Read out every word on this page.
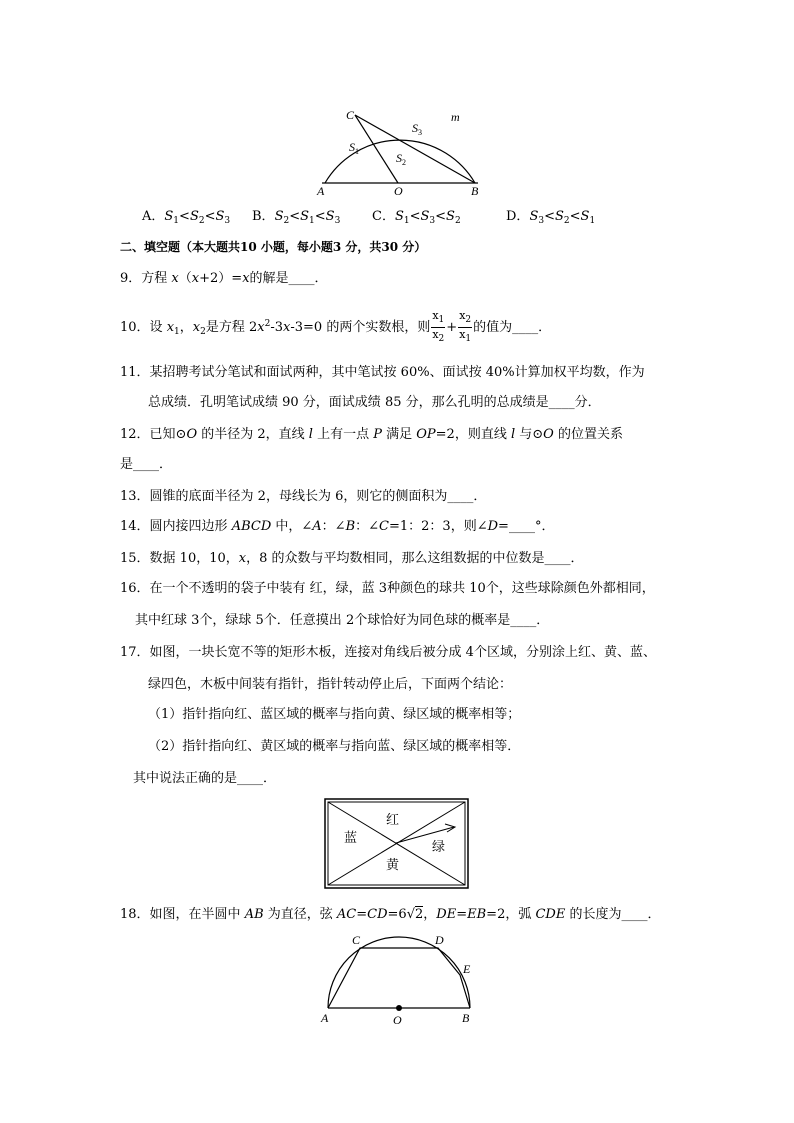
C	m
$S_3$
$S_1$	$S_2$
A	O	B
A．$S_1<S_2<S_3$ B．$S_2<S_1<S_3$ C．$S_1<S_3<S_2$	D．$S_3<S_2<S_1$
二、填空题（本大题共10 小题，每小题3 分，共30 分）
9．方程 x（x+2）=x的解是____．
10．设 $x_1$，$x_2$是方程 $2x^2-3x-3=0$ 的两个实数根，则 $\frac{x_1}{x_2} + \frac{x_2}{x_1}$ 的值为____．
11．某招聘考试分笔试和面试两种，其中笔试按 60%、面试按 40%计算加权平均数，作为
总成绩．孔明笔试成绩 90 分，面试成绩 85 分，那么孔明的总成绩是____分．
12．已知⊙O 的半径为 2，直线 l 上有一点 P 满足 OP=2，则直线 l 与⊙O 的位置关系
是____．
13．圆锥的底面半径为 2，母线长为 6，则它的侧面积为____．
14．圆内接四边形 ABCD 中，∠A：∠B：∠C=1：2：3，则∠D=____°．
15．数据 10，10，x，8 的众数与平均数相同，那么这组数据的中位数是____．
16．在一个不透明的袋子中装有 红，绿，蓝 3种颜色的球共 10个，这些球除颜色外都相同，
其中红球 3个，绿球 5个．任意摸出 2个球恰好为同色球的概率是____．
17．如图，一块长宽不等的矩形木板，连接对角线后被分成 4个区域，分别涂上红、黄、蓝、
绿四色，木板中间装有指针，指针转动停止后，下面两个结论：
（1）指针指向红、蓝区域的概率与指向黄、绿区域的概率相等；
（2）指针指向红、黄区域的概率与指向蓝、绿区域的概率相等．
其中说法正确的是____．
红
蓝
绿
黄
18．如图，在半圆中 AB 为直径，弦 AC=CD=6√2，DE=EB=2，弧 CDE 的长度为____．
C	D
E
A	O	B
